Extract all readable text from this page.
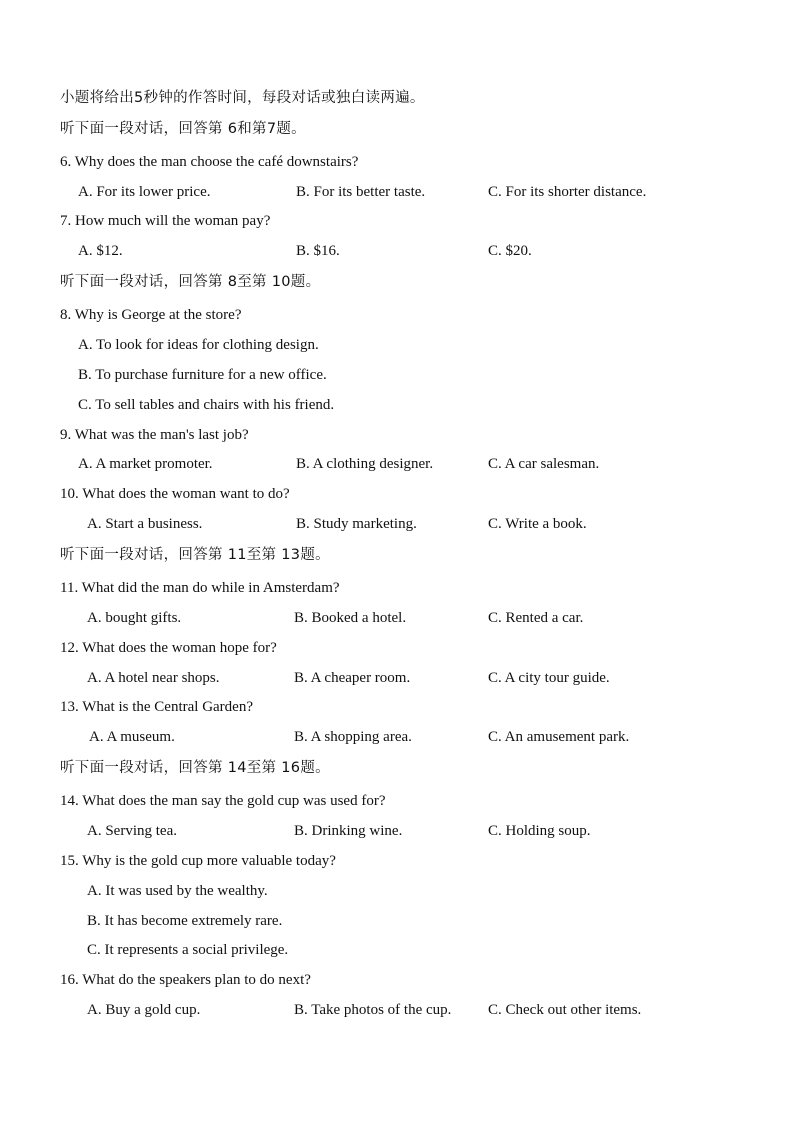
小题将给出5秒钟的作答时间，每段对话或独白读两遍。
听下面一段对话，回答第 6和第7题。
6. Why does the man choose the café downstairs?
A. For its lower price.	B. For its better taste.	C. For its shorter distance.
7. How much will the woman pay?
A. $12.	B. $16.	C. $20.
听下面一段对话，回答第 8至第 10题。
8. Why is George at the store?
A. To look for ideas for clothing design.
B. To purchase furniture for a new office.
C. To sell tables and chairs with his friend.
9. What was the man's last job?
A. A market promoter.	B. A clothing designer.	C. A car salesman.
10. What does the woman want to do?
A. Start a business.	B. Study marketing.	C. Write a book.
听下面一段对话，回答第 11至第 13题。
11. What did the man do while in Amsterdam?
A. bought gifts.	B. Booked a hotel.	C. Rented a car.
12. What does the woman hope for?
A. A hotel near shops.	B. A cheaper room.	C. A city tour guide.
13. What is the Central Garden?
A. A museum.	B. A shopping area.	C. An amusement park.
听下面一段对话，回答第 14至第 16题。
14. What does the man say the gold cup was used for?
A. Serving tea.	B. Drinking wine.	C. Holding soup.
15. Why is the gold cup more valuable today?
A. It was used by the wealthy.
B. It has become extremely rare.
C. It represents a social privilege.
16. What do the speakers plan to do next?
A. Buy a gold cup.	B. Take photos of the cup. C. Check out other items.
